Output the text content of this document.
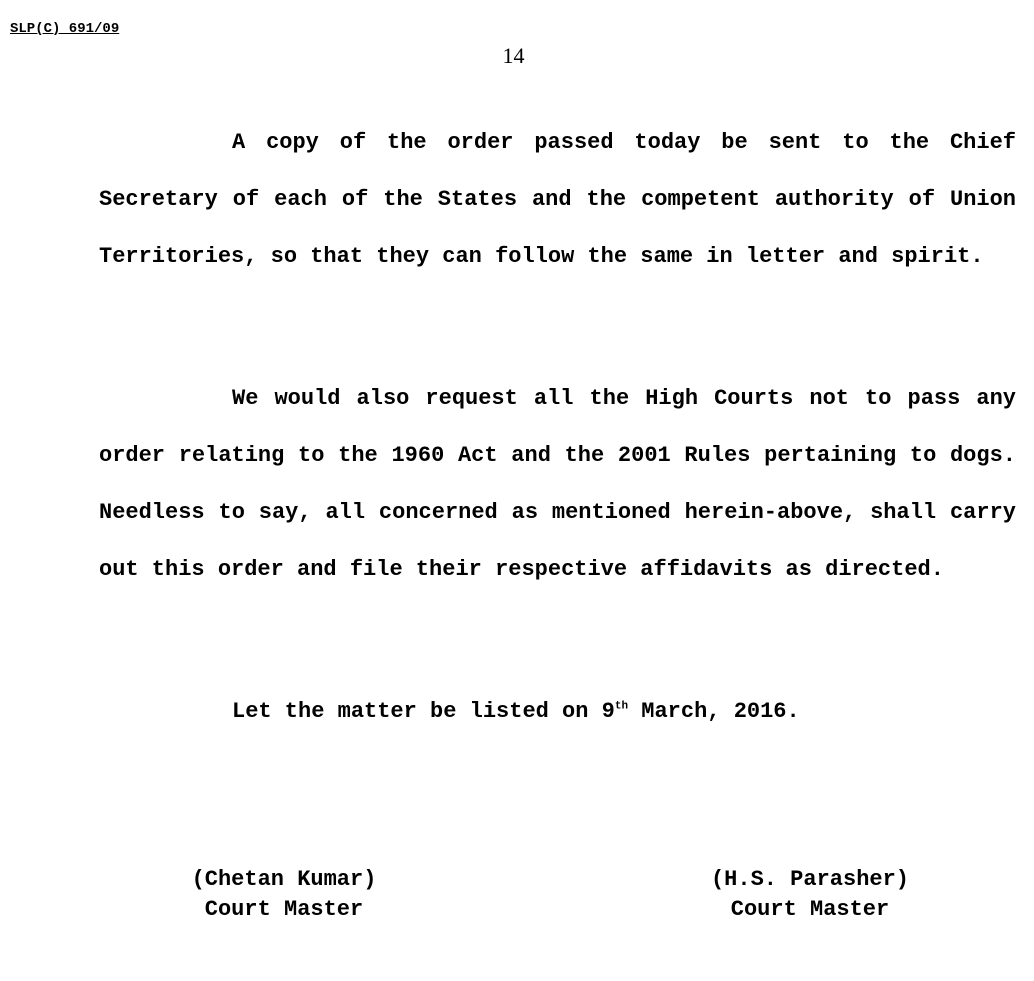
SLP(C) 691/09
14

A copy of the order passed today be sent to the Chief Secretary of each of the States and the competent authority of Union Territories, so that they can follow the same in letter and spirit.

We would also request all the High Courts not to pass any order relating to the 1960 Act and the 2001 Rules pertaining to dogs. Needless to say, all concerned as mentioned herein-above, shall carry out this order and file their respective affidavits as directed.

Let the matter be listed on 9th March, 2016.

(Chetan Kumar)
Court Master
(H.S. Parasher)
Court Master
